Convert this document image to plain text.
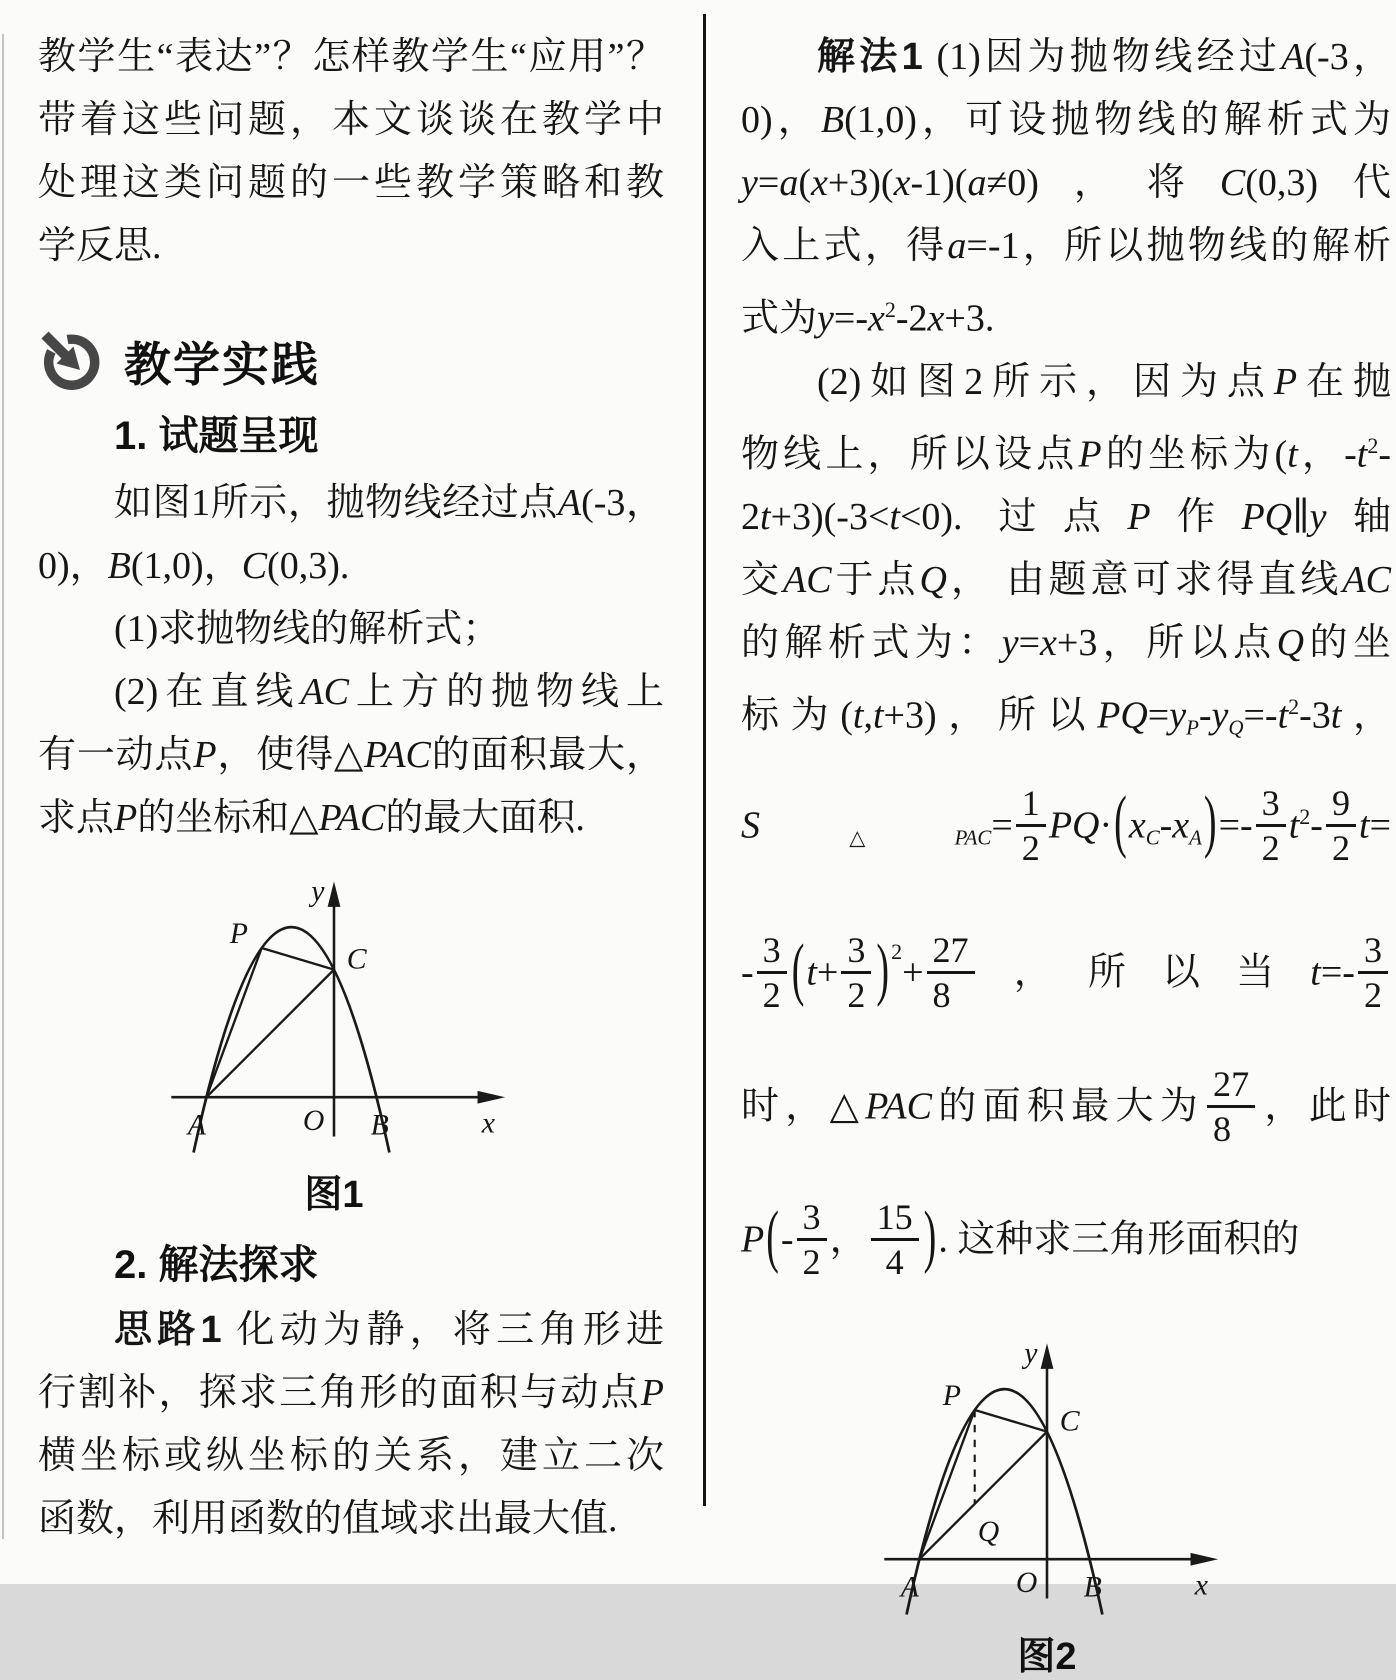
教学生“表达”？怎样教学生“应用”？
带着这些问题，本文谈谈在教学中
处理这类问题的一些教学策略和教
学反思.
教学实践
1. 试题呈现
如图1所示，抛物线经过点A(-3，
0)，B(1,0)，C(0,3).
(1)求抛物线的解析式；
(2)在直线AC上方的抛物线上
有一动点P，使得△PAC的面积最大，
求点P的坐标和△PAC的最大面积.
y
x
O
A	B
C
P
图1
2. 解法探求
思路1 化动为静，将三角形进
行割补，探求三角形的面积与动点P
横坐标或纵坐标的关系，建立二次
函数，利用函数的值域求出最大值.
解法1 (1)因为抛物线经过A(-3，
0)，B(1,0)，可设抛物线的解析式为
y=a(x+3)(x-1)(a≠0)，将C(0,3)代
入上式，得a=-1，所以抛物线的解析
式为$y=-x^2-2x+3$.
(2)如图2所示，因为点P在抛
物线上，所以设点P的坐标为(t，$-t^2-$
2t+3)(-3<t<0). 过点P作PQ∥y轴
交AC于点Q， 由题意可求得直线AC
的解析式为：y=x+3，所以点Q的坐
标为(t,t+3)，所以$PQ=yP-yQ=-t^2-3t$，
S△PAC= $\frac{1}{2} PQ\cdot(xC-xA)=- \frac{3}{2} t^2- \frac{9}{2} t=$
- $\frac{3}{2} (t+ \frac{3}{2} )^2+ \frac{27}{8}$ ，所以当$t=- \frac{3}{2}$
时，△PAC的面积最大为 $\frac{27}{8}$ ，此时
$P(- \frac{3}{2}$ ， $\frac{15}{4}$ ). 这种求三角形面积的
y
x
O
A	B
C
P
Q
图2
